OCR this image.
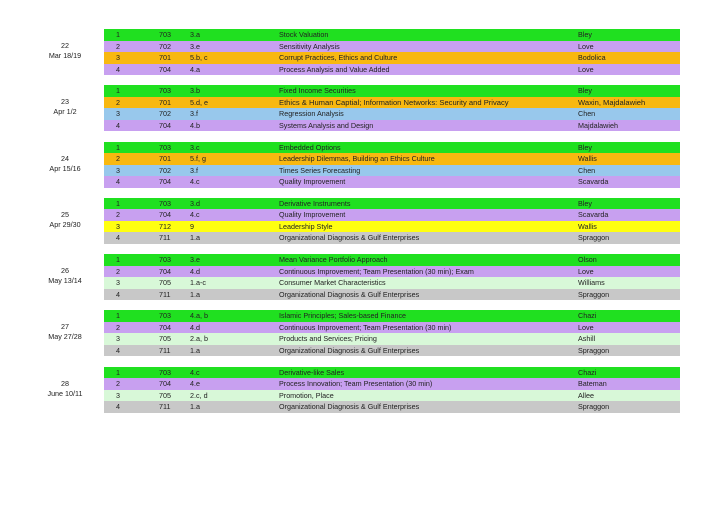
22
Mar 18/19
1	703	3.a	Stock Valuation	Bley
2	702	3.e	Sensitivity Analysis	Love
3	701	5.b, c	Corrupt Practices, Ethics and Culture	Bodolica
4	704	4.a	Process Analysis and Value Added	Love
23
Apr 1/2
1	703	3.b	Fixed Income Securities	Bley
2	701	5.d, e	Ethics & Human Captial; Information Networks: Security and Privacy	Waxin, Majdalawieh
3	702	3.f	Regression Analysis	Chen
4	704	4.b	Systems Analysis and Design	Majdalawieh
24
Apr 15/16
1	703	3.c	Embedded Options	Bley
2	701	5.f, g	Leadership Dilemmas, Building an Ethics Culture	Wallis
3	702	3.f	Times Series Forecasting	Chen
4	704	4.c	Quality Improvement	Scavarda
25
Apr 29/30
1	703	3.d	Derivative Instruments	Bley
2	704	4.c	Quality Improvement	Scavarda
3	712	9	Leadership Style	Wallis
4	711	1.a	Organizational Diagnosis & Gulf Enterprises	Spraggon
26
May 13/14
1	703	3.e	Mean Variance Portfolio Approach	Olson
2	704	4.d	Continuous Improvement; Team Presentation (30 min); Exam	Love
3	705	1.a-c	Consumer Market Characteristics	Williams
4	711	1.a	Organizational Diagnosis & Gulf Enterprises	Spraggon
27
May 27/28
1	703	4.a, b	Islamic Principles; Sales-based Finance	Chazi
2	704	4.d	Continuous Improvement; Team Presentation (30 min)	Love
3	705	2.a, b	Products and Services; Pricing	Ashill
4	711	1.a	Organizational Diagnosis & Gulf Enterprises	Spraggon
28
June 10/11
1	703	4.c	Derivative-like Sales	Chazi
2	704	4.e	Process Innovation; Team Presentation (30 min)	Bateman
3	705	2.c, d	Promotion, Place	Allee
4	711	1.a	Organizational Diagnosis & Gulf Enterprises	Spraggon
